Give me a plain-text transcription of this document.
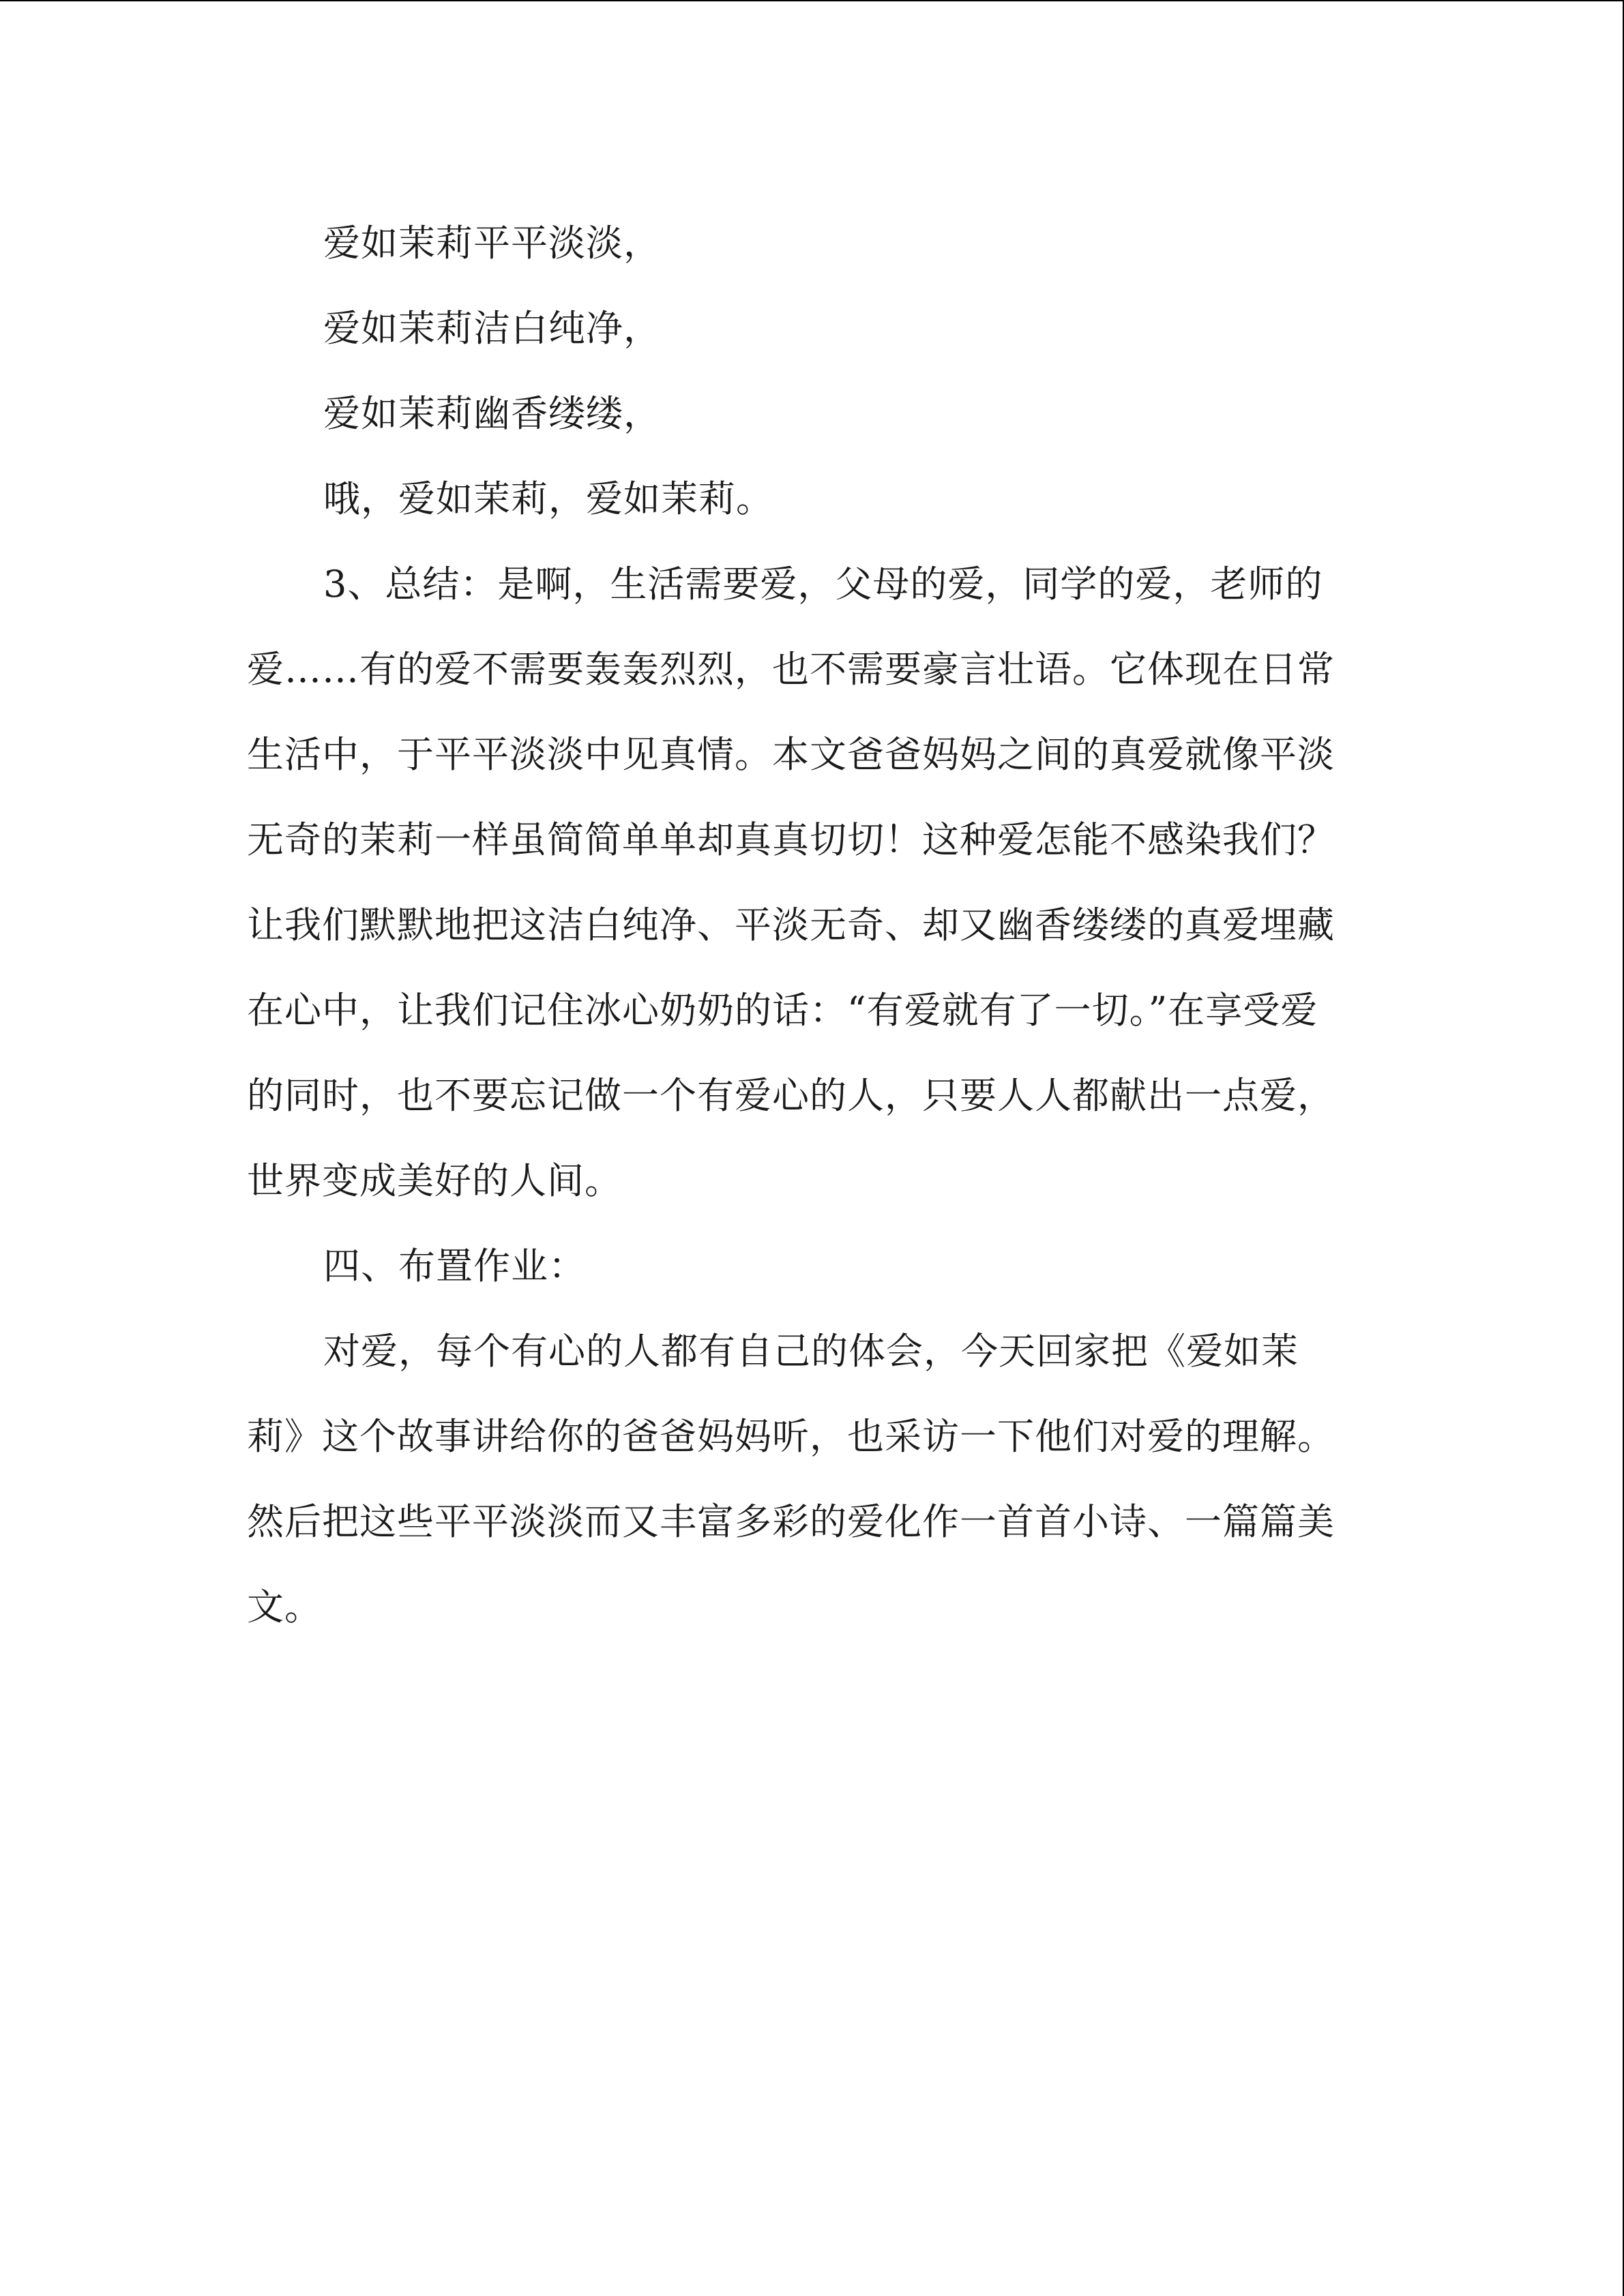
爱如茉莉平平淡淡，
爱如茉莉洁白纯净，
爱如茉莉幽香缕缕，
哦，爱如茉莉，爱如茉莉。
3、总结：是啊，生活需要爱，父母的爱，同学的爱，老师的
爱……有的爱不需要轰轰烈烈，也不需要豪言壮语。它体现在日常
生活中，于平平淡淡中见真情。本文爸爸妈妈之间的真爱就像平淡
无奇的茉莉一样虽简简单单却真真切切！这种爱怎能不感染我们？
让我们默默地把这洁白纯净、平淡无奇、却又幽香缕缕的真爱埋藏
在心中，让我们记住冰心奶奶的话：“有爱就有了一切。”在享受爱
的同时，也不要忘记做一个有爱心的人，只要人人都献出一点爱，
世界变成美好的人间。
四、布置作业：
对爱，每个有心的人都有自己的体会，今天回家把《爱如茉
莉》这个故事讲给你的爸爸妈妈听，也采访一下他们对爱的理解。
然后把这些平平淡淡而又丰富多彩的爱化作一首首小诗、一篇篇美
文。
